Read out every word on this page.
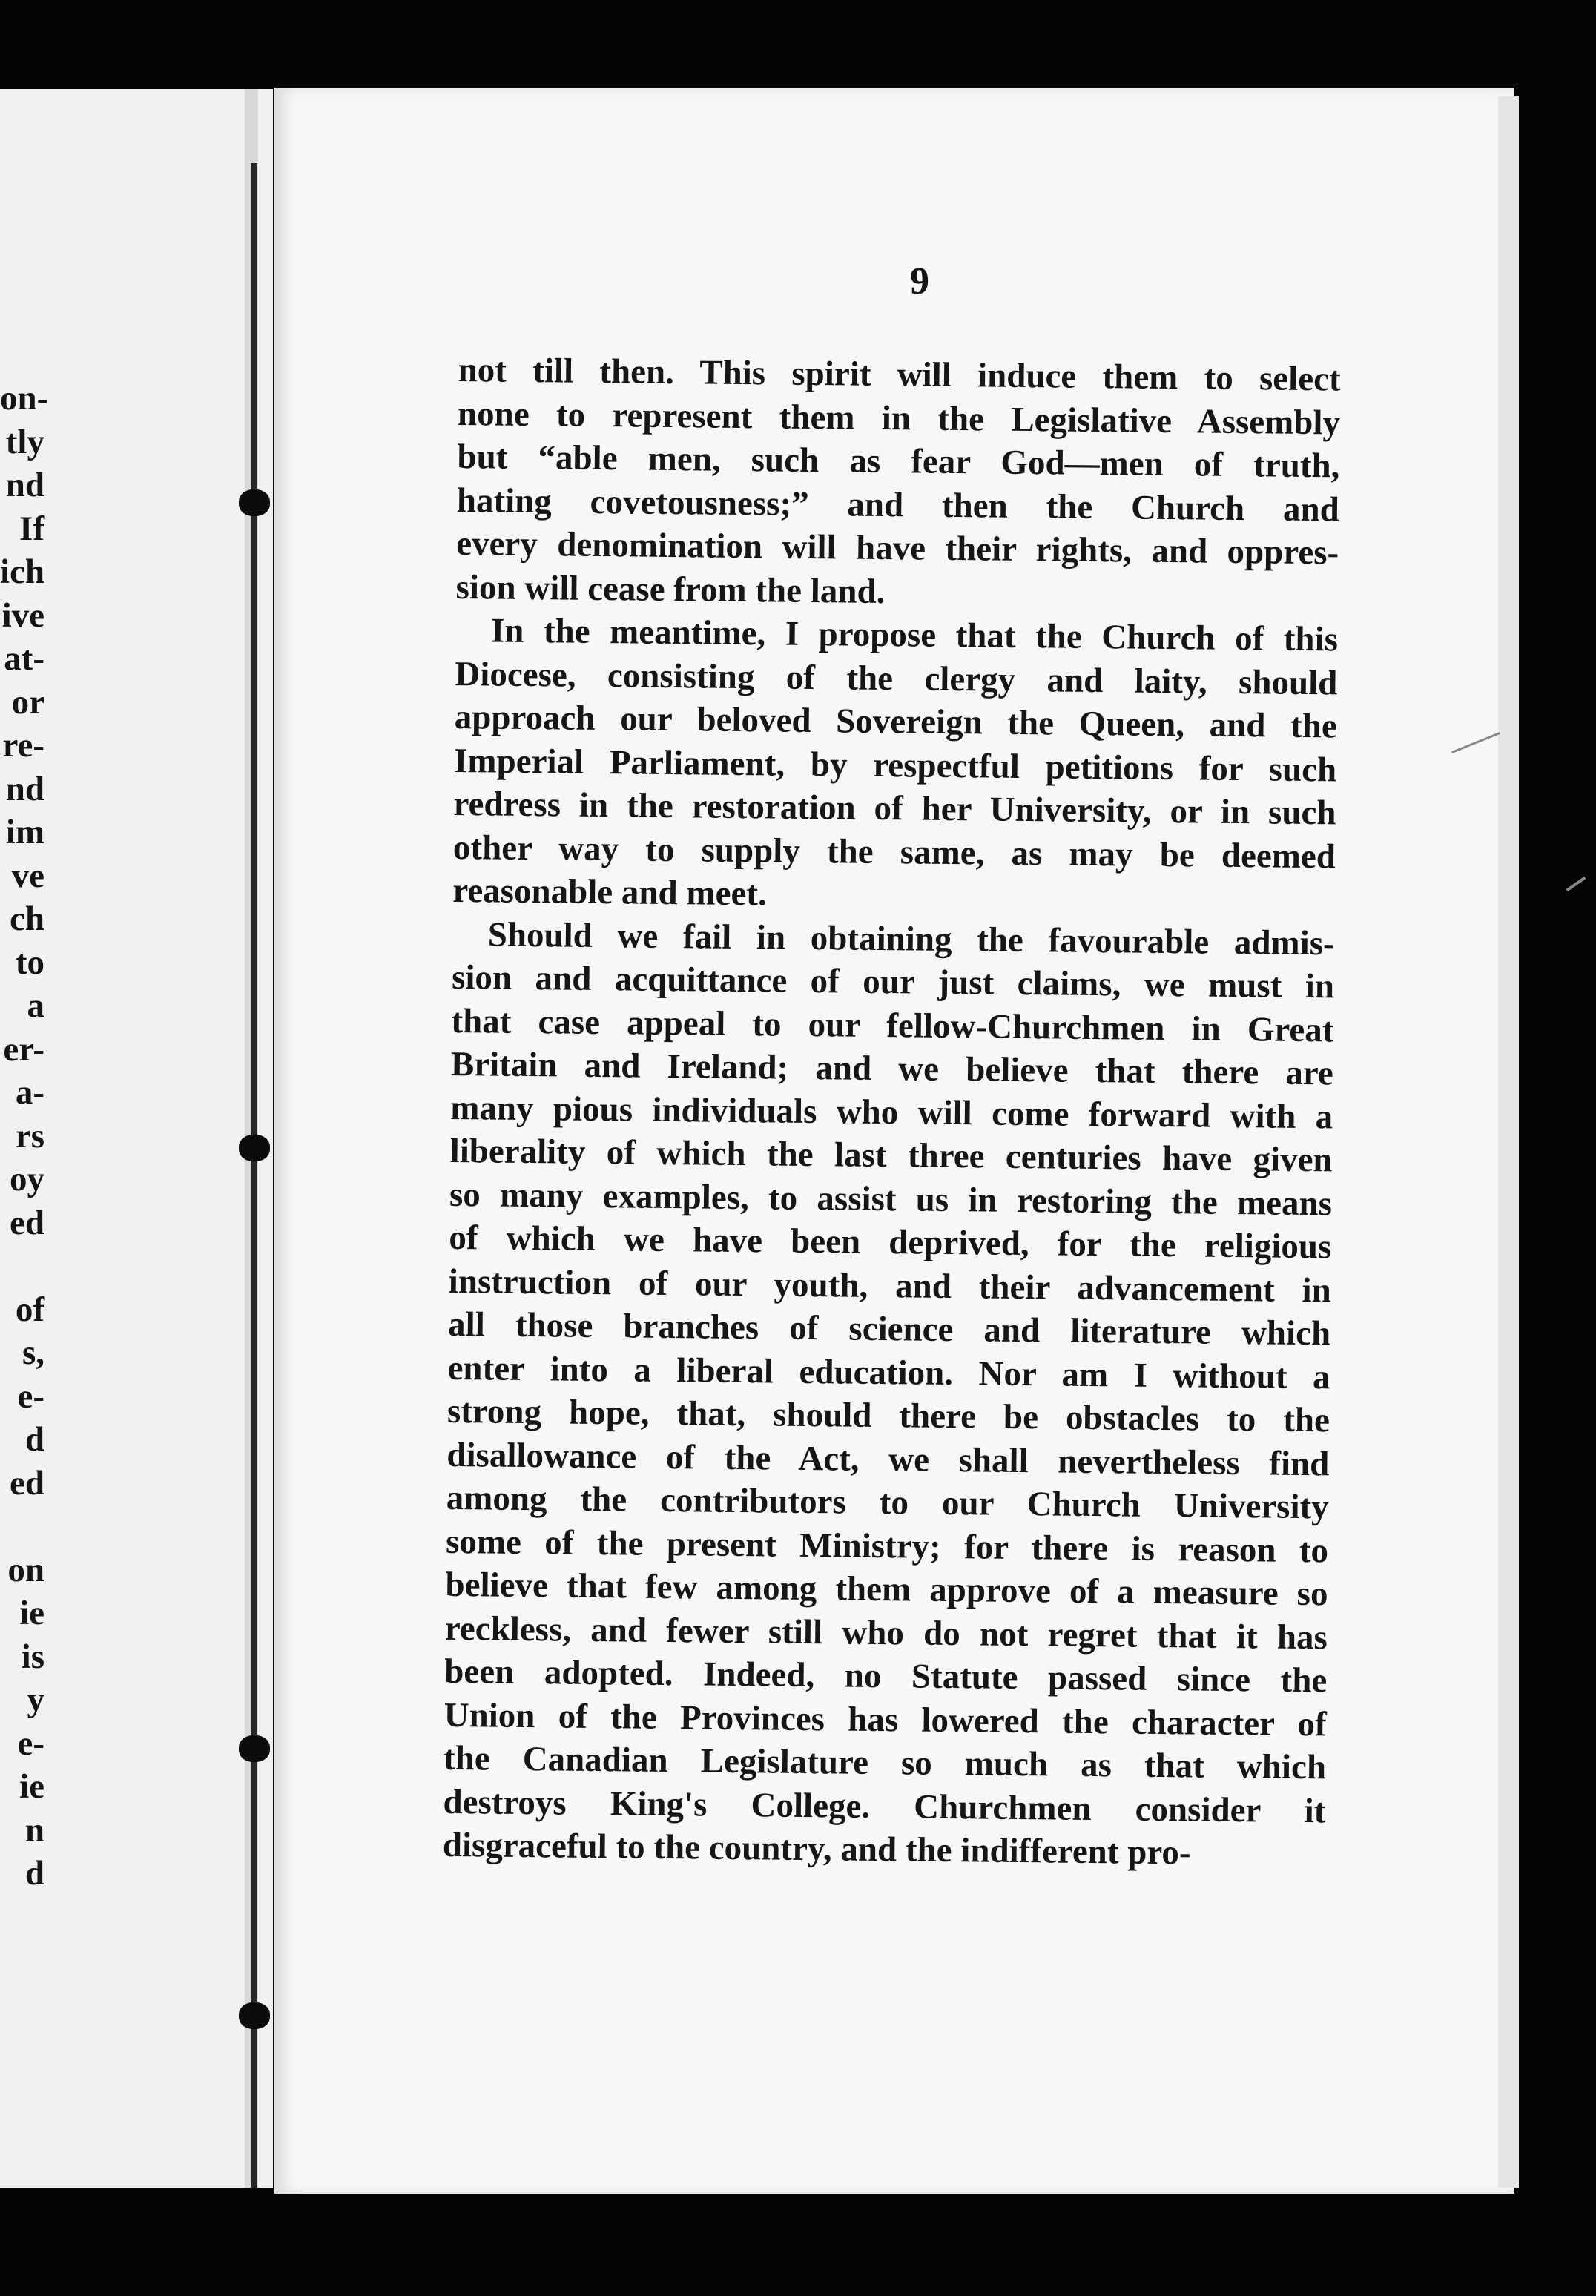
on-
tly
nd
If
ich
ive
at-
or
re-
nd
im
ve
ch
to
a
er-
a-
rs
oy
ed
of
s,
e-
d
ed
on
ie
is
y
e-
ie
n
d
9
not till then. This spirit will induce them to select
none to represent them in the Legislative Assembly
but “able men, such as fear God—men of truth,
hating covetousness;” and then the Church and
every denomination will have their rights, and oppres-
sion will cease from the land.
In the meantime, I propose that the Church of this
Diocese, consisting of the clergy and laity, should
approach our beloved Sovereign the Queen, and the
Imperial Parliament, by respectful petitions for such
redress in the restoration of her University, or in such
other way to supply the same, as may be deemed
reasonable and meet.
Should we fail in obtaining the favourable admis-
sion and acquittance of our just claims, we must in
that case appeal to our fellow-Churchmen in Great
Britain and Ireland; and we believe that there are
many pious individuals who will come forward with a
liberality of which the last three centuries have given
so many examples, to assist us in restoring the means
of which we have been deprived, for the religious
instruction of our youth, and their advancement in
all those branches of science and literature which
enter into a liberal education. Nor am I without a
strong hope, that, should there be obstacles to the
disallowance of the Act, we shall nevertheless find
among the contributors to our Church University
some of the present Ministry; for there is reason to
believe that few among them approve of a measure so
reckless, and fewer still who do not regret that it has
been adopted. Indeed, no Statute passed since the
Union of the Provinces has lowered the character of
the Canadian Legislature so much as that which
destroys King's College. Churchmen consider it
disgraceful to the country, and the indifferent pro-
